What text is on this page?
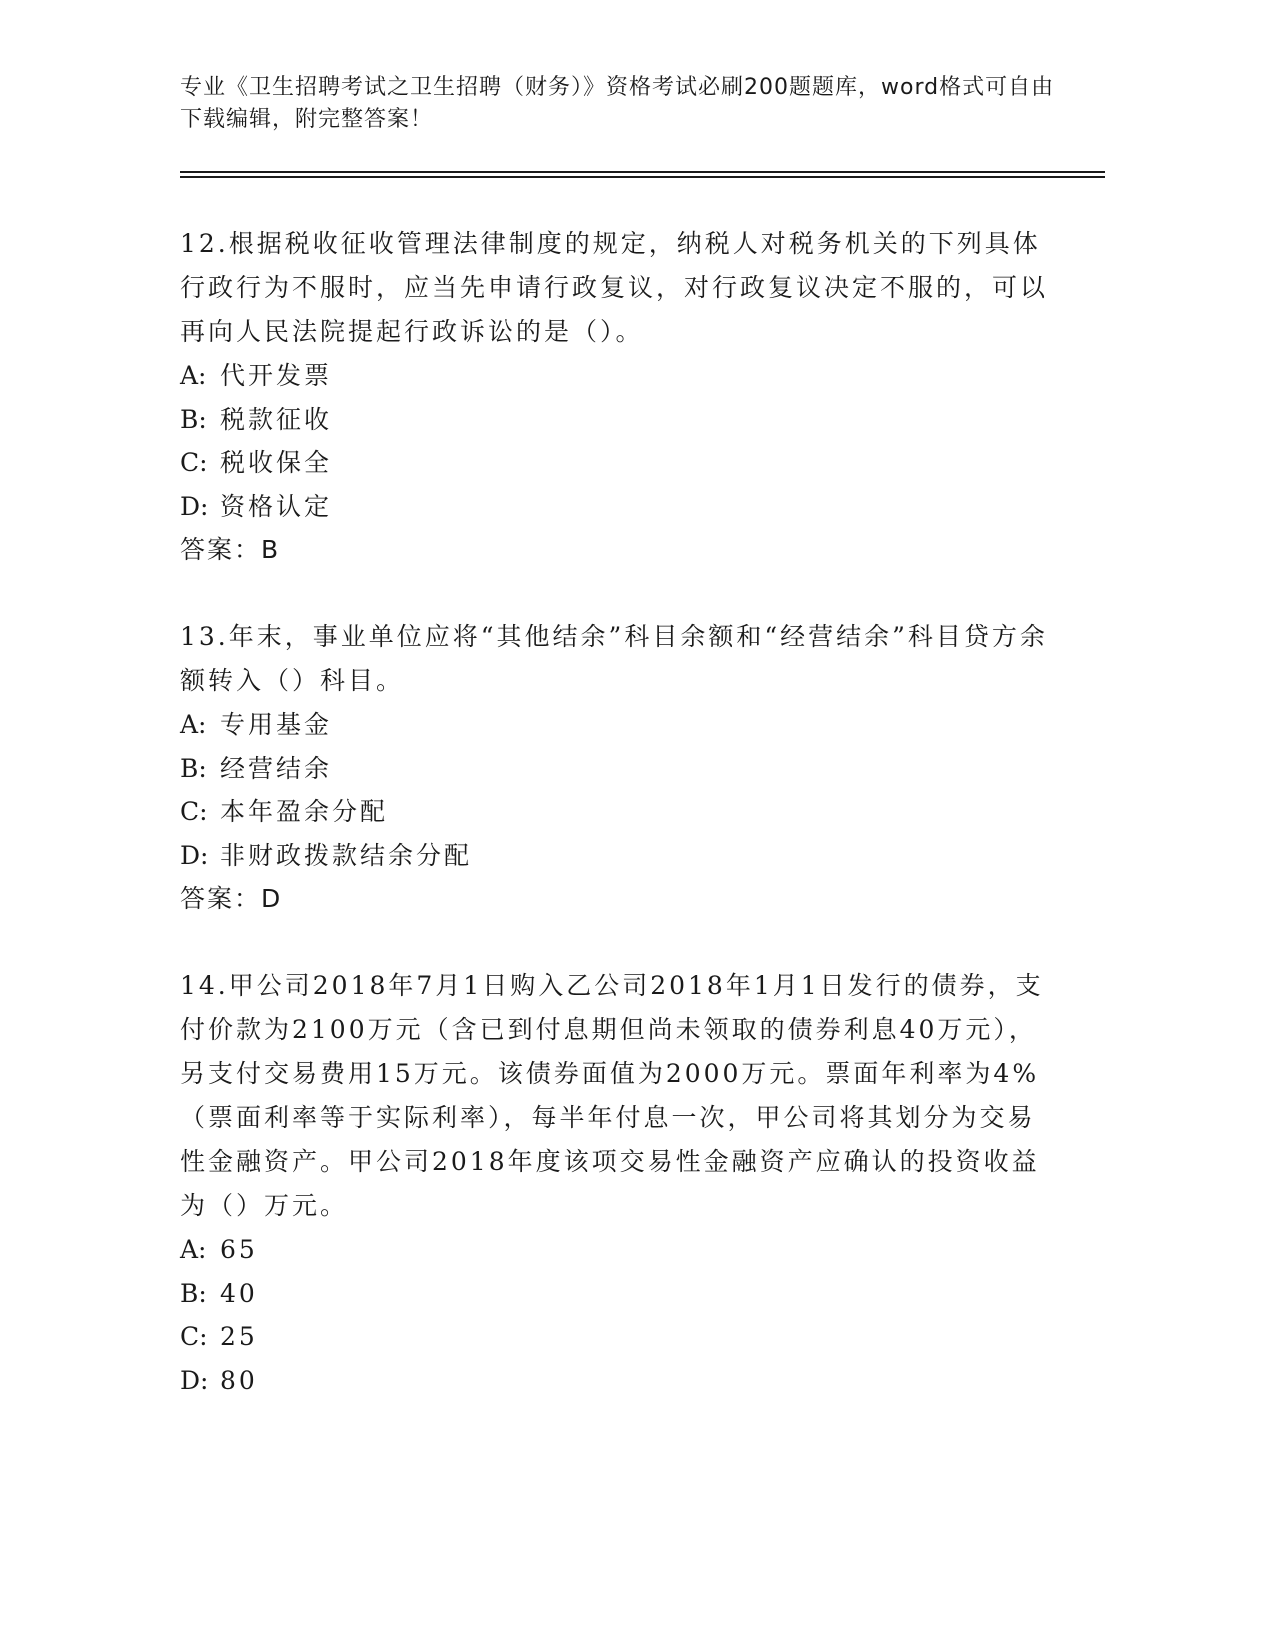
专业《卫生招聘考试之卫生招聘（财务）》资格考试必刷200题题库，word格式可自由下载编辑，附完整答案！

12.根据税收征收管理法律制度的规定，纳税人对税务机关的下列具体行政行为不服时，应当先申请行政复议，对行政复议决定不服的，可以再向人民法院提起行政诉讼的是（）。

A: 代开发票

B: 税款征收

C: 税收保全

D: 资格认定

答案：B

13.年末，事业单位应将“其他结余”科目余额和“经营结余”科目贷方余额转入（）科目。

A: 专用基金

B: 经营结余

C: 本年盈余分配

D: 非财政拨款结余分配

答案：D

14.甲公司2018年7月1日购入乙公司2018年1月1日发行的债券，支付价款为2100万元（含已到付息期但尚未领取的债券利息40万元），另支付交易费用15万元。该债券面值为2000万元。票面年利率为4%（票面利率等于实际利率），每半年付息一次，甲公司将其划分为交易性金融资产。甲公司2018年度该项交易性金融资产应确认的投资收益为（）万元。

A: 65

B: 40

C: 25

D: 80
